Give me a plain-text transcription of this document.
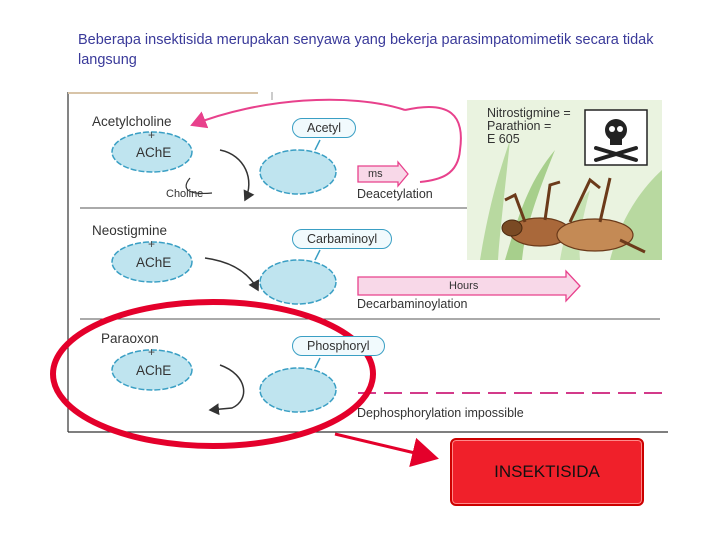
Beberapa insektisida merupakan senyawa yang bekerja parasimpatomimetik secara tidak langsung
Acetylcholine
+
AChE
Acetyl
Choline
ms
Deacetylation
Nitrostigmine =
Parathion =
E 605
Neostigmine
+
AChE
Carbaminoyl
Hours
Decarbaminoylation
Paraoxon
+
AChE
Phosphoryl
Dephosphorylation impossible
INSEKTISIDA
